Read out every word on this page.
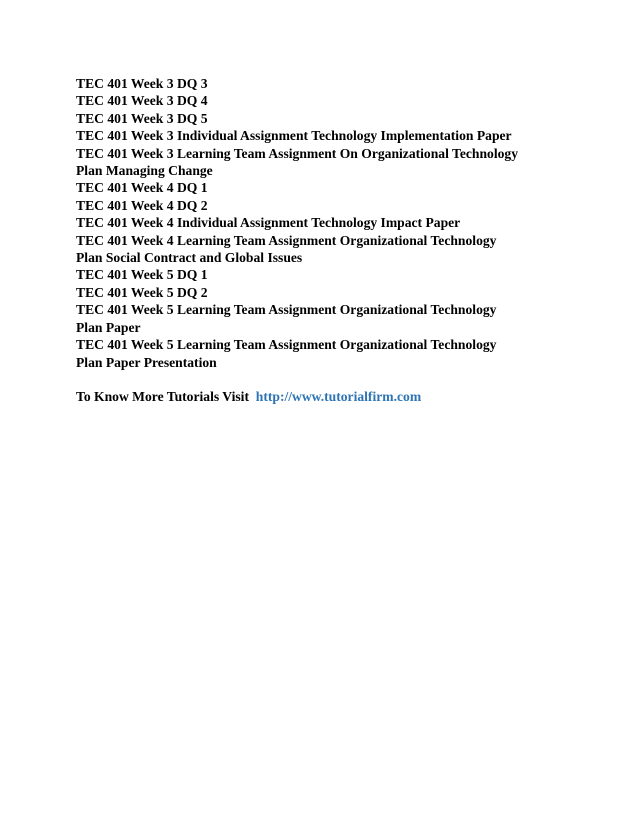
TEC 401 Week 3 DQ 3
TEC 401 Week 3 DQ 4
TEC 401 Week 3 DQ 5
TEC 401 Week 3 Individual Assignment Technology Implementation Paper
TEC 401 Week 3 Learning Team Assignment On Organizational Technology
Plan Managing Change
TEC 401 Week 4 DQ 1
TEC 401 Week 4 DQ 2
TEC 401 Week 4 Individual Assignment Technology Impact Paper
TEC 401 Week 4 Learning Team Assignment Organizational Technology
Plan Social Contract and Global Issues
TEC 401 Week 5 DQ 1
TEC 401 Week 5 DQ 2
TEC 401 Week 5 Learning Team Assignment Organizational Technology
Plan Paper
TEC 401 Week 5 Learning Team Assignment Organizational Technology
Plan Paper Presentation
To Know More Tutorials Visit http://www.tutorialfirm.com
